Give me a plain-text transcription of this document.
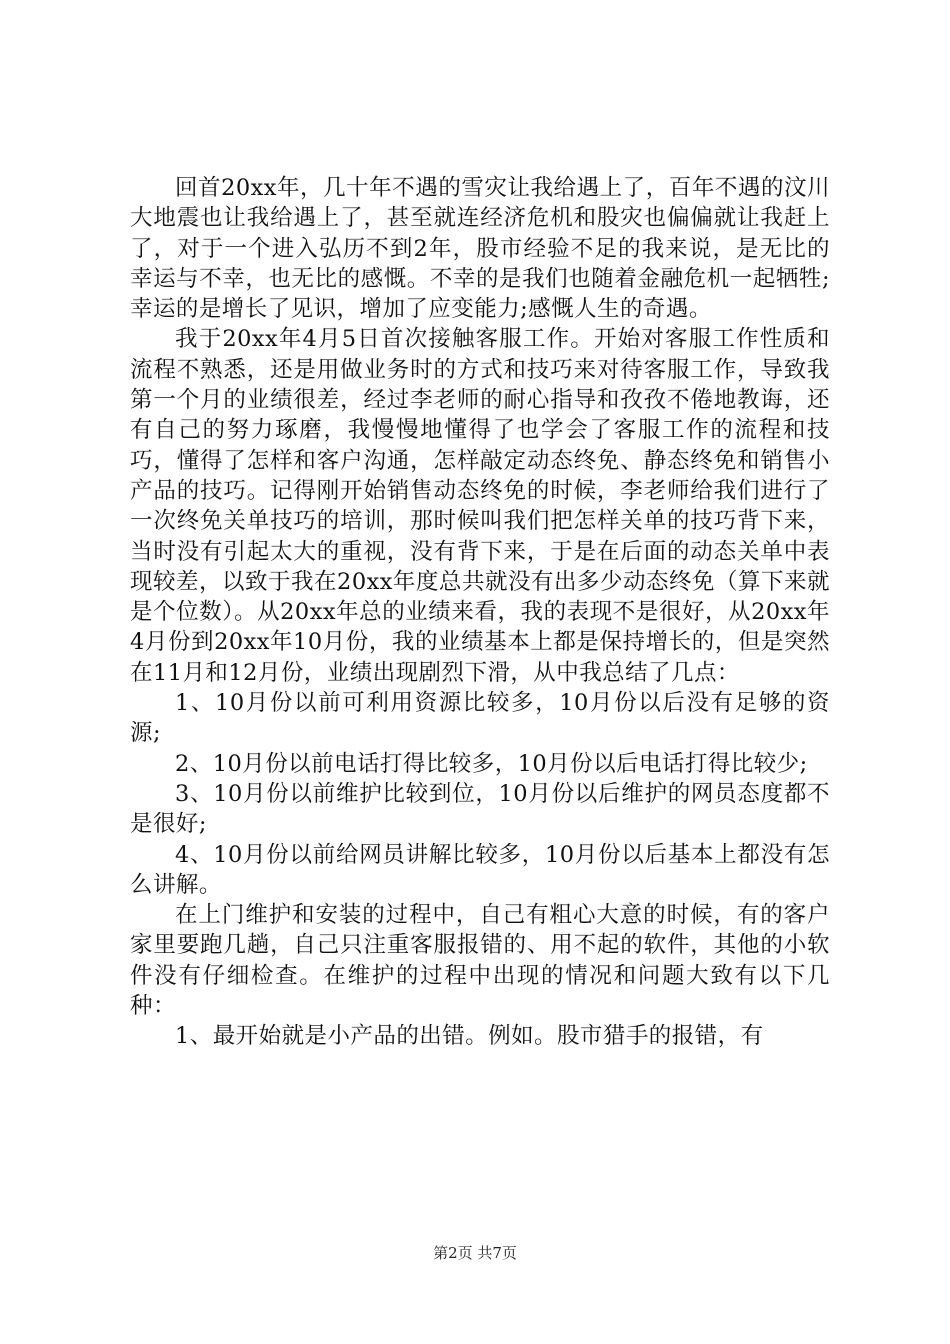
回首20xx年，几十年不遇的雪灾让我给遇上了，百年不遇的汶川大地震也让我给遇上了，甚至就连经济危机和股灾也偏偏就让我赶上了，对于一个进入弘历不到2年，股市经验不足的我来说，是无比的幸运与不幸，也无比的感慨。不幸的是我们也随着金融危机一起牺牲;幸运的是增长了见识，增加了应变能力;感慨人生的奇遇。

我于20xx年4月5日首次接触客服工作。开始对客服工作性质和流程不熟悉，还是用做业务时的方式和技巧来对待客服工作，导致我第一个月的业绩很差，经过李老师的耐心指导和孜孜不倦地教诲，还有自己的努力琢磨，我慢慢地懂得了也学会了客服工作的流程和技巧，懂得了怎样和客户沟通，怎样敲定动态终免、静态终免和销售小产品的技巧。记得刚开始销售动态终免的时候，李老师给我们进行了一次终免关单技巧的培训，那时候叫我们把怎样关单的技巧背下来，当时没有引起太大的重视，没有背下来，于是在后面的动态关单中表现较差，以致于我在20xx年度总共就没有出多少动态终免（算下来就是个位数）。从20xx年总的业绩来看，我的表现不是很好，从20xx年4月份到20xx年10月份，我的业绩基本上都是保持增长的，但是突然在11月和12月份，业绩出现剧烈下滑，从中我总结了几点：

1、10月份以前可利用资源比较多，10月份以后没有足够的资源;

2、10月份以前电话打得比较多，10月份以后电话打得比较少;

3、10月份以前维护比较到位，10月份以后维护的网员态度都不是很好;

4、10月份以前给网员讲解比较多，10月份以后基本上都没有怎么讲解。

在上门维护和安装的过程中，自己有粗心大意的时候，有的客户家里要跑几趟，自己只注重客服报错的、用不起的软件，其他的小软件没有仔细检查。在维护的过程中出现的情况和问题大致有以下几种：

1、最开始就是小产品的出错。例如。股市猎手的报错，有

第2页 共7页
